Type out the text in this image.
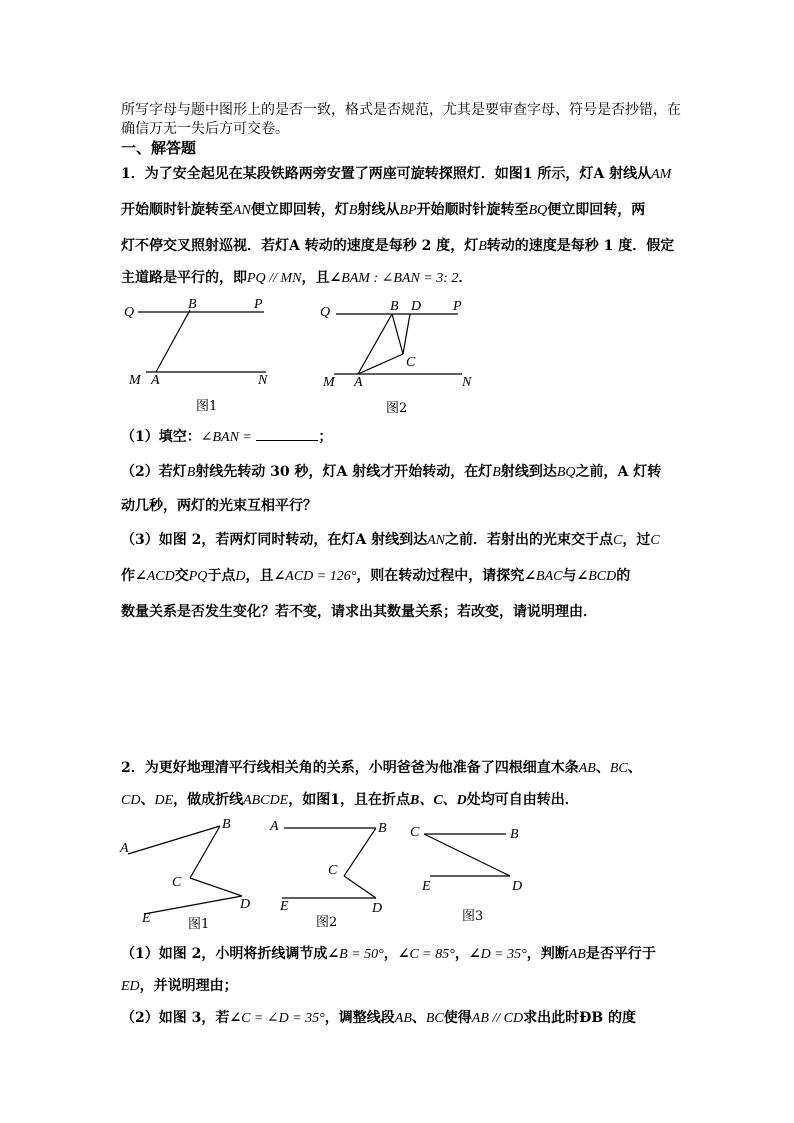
所写字母与题中图形上的是否一致，格式是否规范，尤其是要审查字母、符号是否抄错，在
确信万无一失后方可交卷。
一、解答题
1．为了安全起见在某段铁路两旁安置了两座可旋转探照灯．如图1 所示，灯A 射线从AM
开始顺时针旋转至AN便立即回转，灯B射线从BP开始顺时针旋转至BQ便立即回转，两
灯不停交叉照射巡视．若灯A 转动的速度是每秒 2 度，灯B转动的速度是每秒 1 度．假定
主道路是平行的，即PQ // MN，且∠BAM : ∠BAN = 3: 2．
Q
B	P
M A	N
图1
Q	B D P
C
M A	N
图2
（1）填空：∠BAN =	；
（2）若灯B射线先转动 30 秒，灯A 射线才开始转动，在灯B射线到达BQ之前，A 灯转
动几秒，两灯的光束互相平行？
（3）如图 2，若两灯同时转动，在灯A 射线到达AN之前．若射出的光束交于点C，过C
作∠ACD交PQ于点D，且∠ACD = 126°，则在转动过程中，请探究∠BAC与∠BCD的
数量关系是否发生变化？若不变，请求出其数量关系；若改变，请说明理由．
2．为更好地理清平行线相关角的关系，小明爸爸为他准备了四根细直木条AB、BC、
CD、DE，做成折线ABCDE，如图1，且在折点B、C、D处均可自由转出．
A
B
C
D
E	图1
A	B
C
D
E
图2
C	B
E	D
图3
（1）如图 2，小明将折线调节成∠B = 50°，∠C = 85°，∠D = 35°，判断AB是否平行于
ED，并说明理由；
（2）如图 3，若∠C = ∠D = 35°，调整线段AB、BC使得AB // CD求出此时ÐB 的度
